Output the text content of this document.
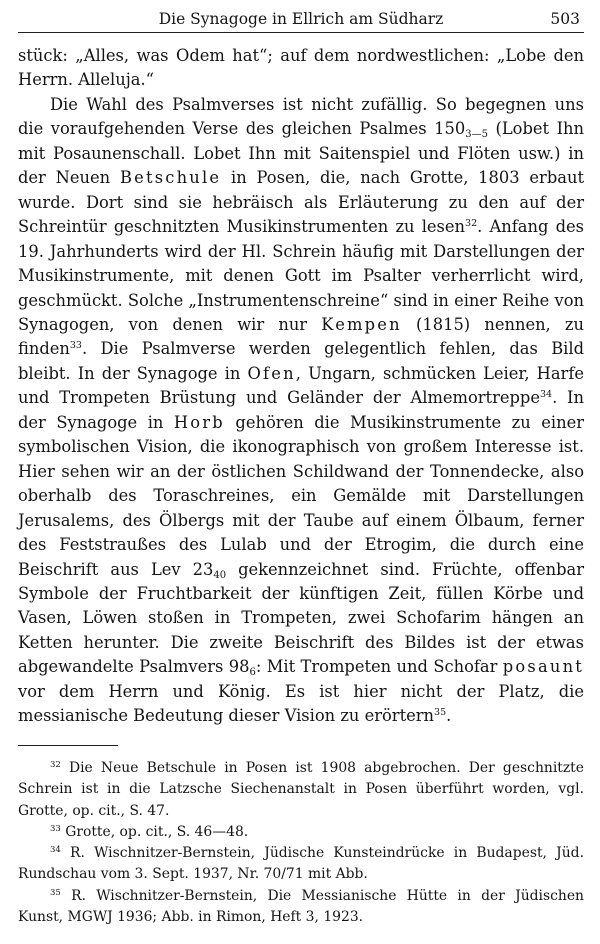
Die Synagoge in Ellrich am Südharz	503

stück: „Alles, was Odem hat“; auf dem nordwestlichen: „Lobe den Herrn. Alleluja.“

Die Wahl des Psalmverses ist nicht zufällig. So begegnen uns die voraufgehenden Verse des gleichen Psalmes $150_{3—5}$ (Lobet Ihn mit Posaunenschall. Lobet Ihn mit Saitenspiel und Flöten usw.) in der Neuen Betschule in Posen, die, nach Grotte, 1803 erbaut wurde. Dort sind sie hebräisch als Erläuterung zu den auf der Schreintür geschnitzten Musikinstrumenten zu lesen$^{32}$. Anfang des 19. Jahrhunderts wird der Hl. Schrein häufig mit Darstellungen der Musikinstrumente, mit denen Gott im Psalter verherrlicht wird, geschmückt. Solche „Instrumentenschreine“ sind in einer Reihe von Synagogen, von denen wir nur Kempen (1815) nennen, zu finden$^{33}$. Die Psalmverse werden gelegentlich fehlen, das Bild bleibt. In der Synagoge in Ofen, Ungarn, schmücken Leier, Harfe und Trompeten Brüstung und Geländer der Almemortreppe$^{34}$. In der Synagoge in Horb gehören die Musikinstrumente zu einer symbolischen Vision, die ikonographisch von großem Interesse ist. Hier sehen wir an der östlichen Schildwand der Tonnendecke, also oberhalb des Toraschreines, ein Gemälde mit Darstellungen Jerusalems, des Ölbergs mit der Taube auf einem Ölbaum, ferner des Feststraußes des Lulab und der Etrogim, die durch eine Beischrift aus Lev $23_{40}$ gekennzeichnet sind. Früchte, offenbar Symbole der Fruchtbarkeit der künftigen Zeit, füllen Körbe und Vasen, Löwen stoßen in Trompeten, zwei Schofarim hängen an Ketten herunter. Die zweite Beischrift des Bildes ist der etwas abgewandelte Psalmvers $98_6$: Mit Trompeten und Schofar posaunt vor dem Herrn und König. Es ist hier nicht der Platz, die messianische Bedeutung dieser Vision zu erörtern$^{35}$.

$^{32}$ Die Neue Betschule in Posen ist 1908 abgebrochen. Der geschnitzte Schrein ist in die Latzsche Siechenanstalt in Posen überführt worden, vgl. Grotte, op. cit., S. 47.

$^{33}$ Grotte, op. cit., S. 46—48.

$^{34}$ R. Wischnitzer-Bernstein, Jüdische Kunsteindrücke in Budapest, Jüd. Rundschau vom 3. Sept. 1937, Nr. 70/71 mit Abb.

$^{35}$ R. Wischnitzer-Bernstein, Die Messianische Hütte in der Jüdischen Kunst, MGWJ 1936; Abb. in Rimon, Heft 3, 1923.
